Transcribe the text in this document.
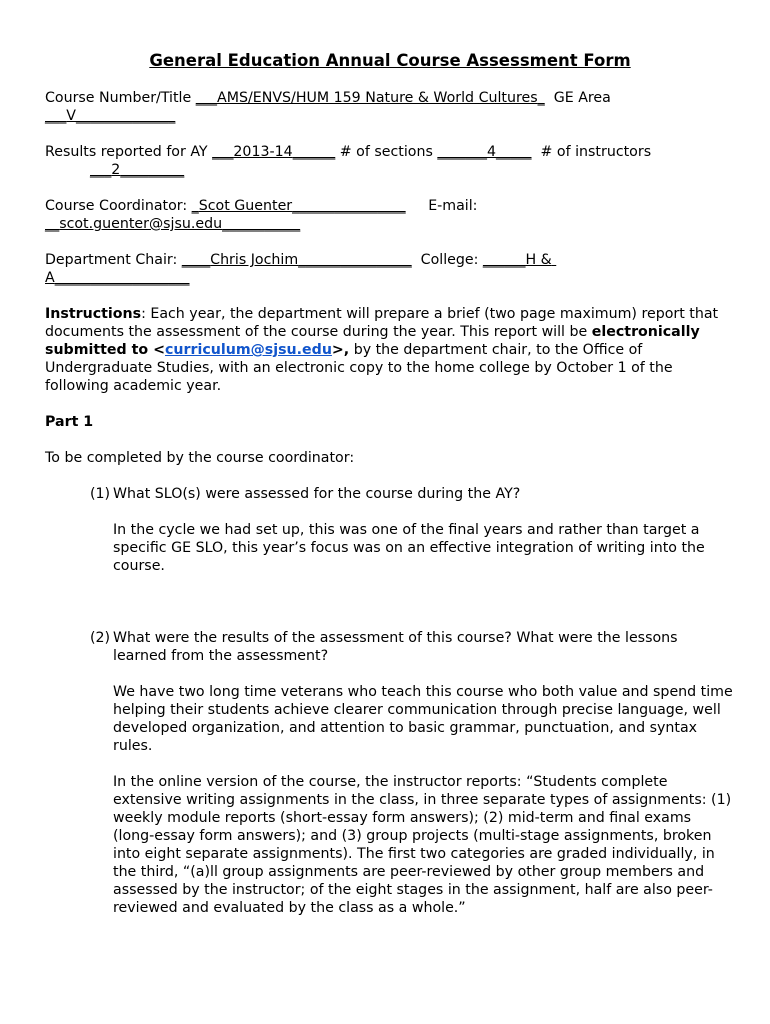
General Education Annual Course Assessment Form
Course Number/Title ___AMS/ENVS/HUM 159 Nature & World Cultures_  GE Area
___V______________
Results reported for AY ___2013-14______ # of sections _______4_____  # of instructors
___2_________
Course Coordinator: _Scot Guenter________________     E-mail:
__scot.guenter@sjsu.edu___________
Department Chair: ____Chris Jochim________________  College: ______H &
A___________________
Instructions: Each year, the department will prepare a brief (two page maximum) report that documents the assessment of the course during the year. This report will be electronically submitted to <curriculum@sjsu.edu>, by the department chair, to the Office of Undergraduate Studies, with an electronic copy to the home college by October 1 of the following academic year.
Part 1
To be completed by the course coordinator:
(1) What SLO(s) were assessed for the course during the AY?
In the cycle we had set up, this was one of the final years and rather than target a specific GE SLO, this year’s focus was on an effective integration of writing into the course.
(2) What were the results of the assessment of this course? What were the lessons learned from the assessment?
We have two long time veterans who teach this course who both value and spend time helping their students achieve clearer communication through precise language, well developed organization, and attention to basic grammar, punctuation, and syntax rules.
In the online version of the course, the instructor reports: “Students complete extensive writing assignments in the class, in three separate types of assignments: (1) weekly module reports (short-essay form answers); (2) mid-term and final exams (long-essay form answers); and (3) group projects (multi-stage assignments, broken into eight separate assignments). The first two categories are graded individually, in the third, “(a)ll group assignments are peer-reviewed by other group members and assessed by the instructor; of the eight stages in the assignment, half are also peer-reviewed and evaluated by the class as a whole.”
